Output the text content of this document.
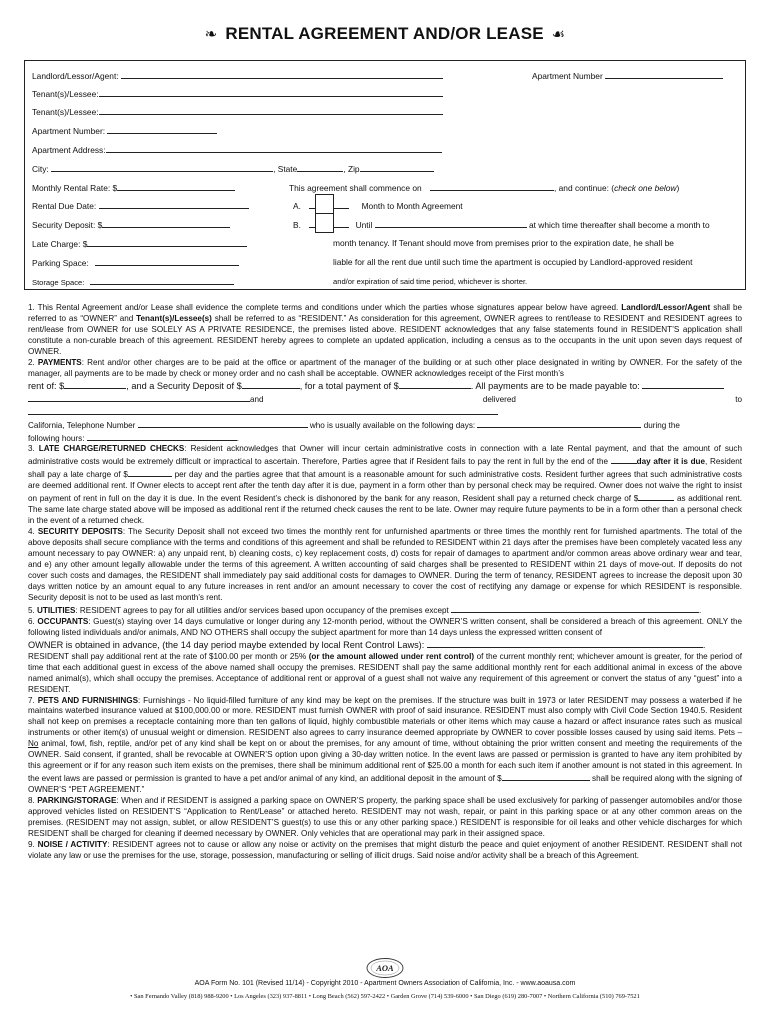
❧ RENTAL AGREEMENT AND/OR LEASE ☙
Landlord/Lessor/Agent:	Apartment Number
Tenant(s)/Lessee:
Tenant(s)/Lessee:
Apartment Number:
Apartment Address:
City:	, State	, Zip
Monthly Rental Rate: $	This agreement shall commence on	, and continue: (check one below)
Rental Due Date:	A.	Month to Month Agreement
Security Deposit: $	B.	Until	at which time thereafter shall become a month to
Late Charge: $	month tenancy. If Tenant should move from premises prior to the expiration date, he shall be
Parking Space:	liable for all the rent due until such time the apartment is occupied by Landlord-approved resident
Storage Space:	and/or expiration of said time period, whichever is shorter.

1. This Rental Agreement and/or Lease shall evidence the complete terms and conditions under which the parties whose signatures appear below have agreed. Landlord/Lessor/Agent shall be referred to as “OWNER” and Tenant(s)/Lessee(s) shall be referred to as “RESIDENT.” As consideration for this agreement, OWNER agrees to rent/lease to RESIDENT and RESIDENT agrees to rent/lease from OWNER for use SOLELY AS A PRIVATE RESIDENCE, the premises listed above. RESIDENT acknowledges that any false statements found in RESIDENT’S application shall constitute a non-curable breach of this agreement. RESIDENT hereby agrees to complete an updated application, including a census as to the occupants in the unit upon seven days request of OWNER.

2. PAYMENTS: Rent and/or other charges are to be paid at the office or apartment of the manager of the building or at such other place designated in writing by OWNER. For the safety of the manager, all payments are to be made by check or money order and no cash shall be acceptable. OWNER acknowledges receipt of the First month’s

rent of: $	, and a Security Deposit of $	, for a total payment of $	. All payments are to be made payable to:

and delivered to

California, Telephone Number	who is usually available on the following days:	during the

following hours:	.

3. LATE CHARGE/RETURNED CHECKS: Resident acknowledges that Owner will incur certain administrative costs in connection with a late Rental payment, and that the amount of such administrative costs would be extremely difficult or impractical to ascertain. Therefore, Parties agree that if Resident fails to pay the rent in full by the end of the	day after it is due, Resident shall pay a late charge of $	per day and the parties agree that that amount is a reasonable amount for such administrative costs. Resident further agrees that such administrative costs are deemed additional rent. If Owner elects to accept rent after the tenth day after it is due, payment in a form other than by personal check may be required. Owner does not waive the right to insist on payment of rent in full on the day it is due. In the event Resident’s check is dishonored by the bank for any reason, Resident shall pay a returned check charge of $	as additional rent. The same late charge stated above will be imposed as additional rent if the returned check causes the rent to be late. Owner may require future payments to be in a form other than a personal check in the event of a returned check.

4. SECURITY DEPOSITS: The Security Deposit shall not exceed two times the monthly rent for unfurnished apartments or three times the monthly rent for furnished apartments. The total of the above deposits shall secure compliance with the terms and conditions of this agreement and shall be refunded to RESIDENT within 21 days after the premises have been completely vacated less any amount necessary to pay OWNER: a) any unpaid rent, b) cleaning costs, c) key replacement costs, d) costs for repair of damages to apartment and/or common areas above ordinary wear and tear, and e) any other amount legally allowable under the terms of this agreement. A written accounting of said charges shall be presented to RESIDENT within 21 days of move-out. If deposits do not cover such costs and damages, the RESIDENT shall immediately pay said additional costs for damages to OWNER. During the term of tenancy, RESIDENT agrees to increase the deposit upon 30 days written notice by an amount equal to any future increases in rent and/or an amount necessary to cover the cost of rectifying any damage or expense for which RESIDENT is responsible. Security deposit is not to be used as last month’s rent.

5. UTILITIES: RESIDENT agrees to pay for all utilities and/or services based upon occupancy of the premises except	.

6. OCCUPANTS: Guest(s) staying over 14 days cumulative or longer during any 12-month period, without the OWNER’S written consent, shall be considered a breach of this agreement. ONLY the following listed individuals and/or animals, AND NO OTHERS shall occupy the subject apartment for more than 14 days unless the expressed written consent of

OWNER is obtained in advance, (the 14 day period maybe extended by local Rent Control Laws):	.

RESIDENT shall pay additional rent at the rate of $100.00 per month or 25% (or the amount allowed under rent control) of the current monthly rent; whichever amount is greater, for the period of time that each additional guest in excess of the above named shall occupy the premises. RESIDENT shall pay the same additional monthly rent for each additional animal in excess of the above named animal(s), which shall occupy the premises. Acceptance of additional rent or approval of a guest shall not waive any requirement of this agreement or convert the status of any “guest” into a RESIDENT.

7. PETS AND FURNISHINGS: Furnishings - No liquid-filled furniture of any kind may be kept on the premises. If the structure was built in 1973 or later RESIDENT may possess a waterbed if he maintains waterbed insurance valued at $100,000.00 or more. RESIDENT must furnish OWNER with proof of said insurance. RESIDENT must also comply with Civil Code Section 1940.5. Resident shall not keep on premises a receptacle containing more than ten gallons of liquid, highly combustible materials or other items which may cause a hazard or affect insurance rates such as musical instruments or other item(s) of unusual weight or dimension. RESIDENT also agrees to carry insurance deemed appropriate by OWNER to cover possible losses caused by using said items. Pets – No animal, fowl, fish, reptile, and/or pet of any kind shall be kept on or about the premises, for any amount of time, without obtaining the prior written consent and meeting the requirements of the OWNER. Said consent, if granted, shall be revocable at OWNER’S option upon giving a 30-day written notice. In the event laws are passed or permission is granted to have any item prohibited by this agreement or if for any reason such item exists on the premises, there shall be minimum additional rent of $25.00 a month for each such item if another amount is not stated in this agreement. In the event laws are passed or permission is granted to have a pet and/or animal of any kind, an additional deposit in the amount of $	shall be required along with the signing of OWNER’S “PET AGREEMENT.”

8. PARKING/STORAGE: When and if RESIDENT is assigned a parking space on OWNER’S property, the parking space shall be used exclusively for parking of passenger automobiles and/or those approved vehicles listed on RESIDENT’S “Application to Rent/Lease” or attached hereto. RESIDENT may not wash, repair, or paint in this parking space or at any other common areas on the premises. (RESIDENT may not assign, sublet, or allow RESIDENT’S guest(s) to use this or any other parking space.) RESIDENT is responsible for oil leaks and other vehicle discharges for which RESIDENT shall be charged for cleaning if deemed necessary by OWNER. Only vehicles that are operational may park in their assigned space.

9. NOISE / ACTIVITY: RESIDENT agrees not to cause or allow any noise or activity on the premises that might disturb the peace and quiet enjoyment of another RESIDENT. RESIDENT shall not violate any law or use the premises for the use, storage, possession, manufacturing or selling of illicit drugs. Said noise and/or activity shall be a breach of this Agreement.

AOA
AOA Form No. 101 (Revised 11/14) - Copyright 2010 - Apartment Owners Association of California, Inc. - www.aoausa.com
• San Fernando Valley (818) 988-9200 • Los Angeles (323) 937-8811 • Long Beach (562) 597-2422 • Garden Grove (714) 539-6000 • San Diego (619) 280-7007 • Northern California (510) 769-7521
